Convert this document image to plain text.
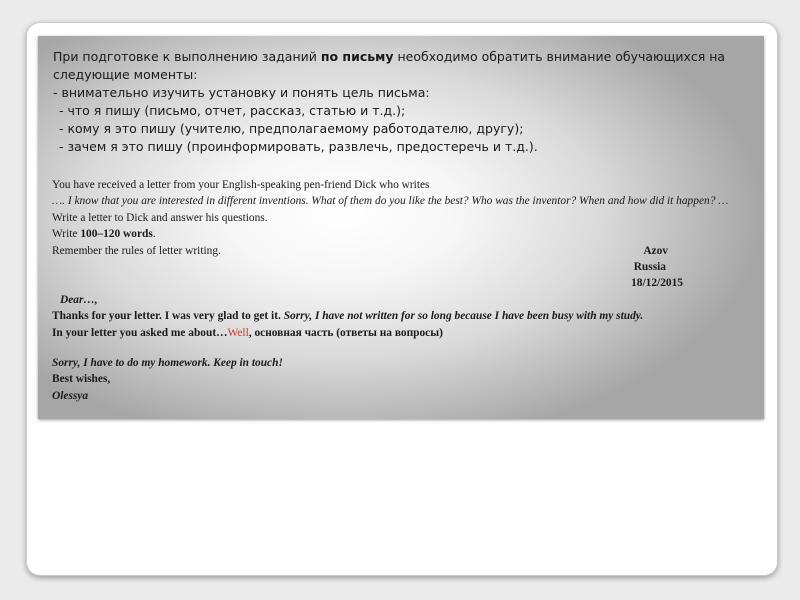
При подготовке к выполнению заданий по письму необходимо обратить внимание обучающихся на следующие моменты:

- внимательно изучить установку и понять цель письма:

- что я пишу (письмо, отчет, рассказ, статью и т.д.);

- кому я это пишу (учителю, предполагаемому работодателю, другу);

- зачем я это пишу (проинформировать, развлечь, предостеречь и т.д.).

You have received a letter from your English-speaking pen-friend Dick who writes

…. I know that you are interested in different inventions. What of them do you like the best? Who was the inventor? When and how did it happen? …

Write a letter to Dick and answer his questions.

Write 100–120 words.

Remember the rules of letter writing.	Azov

Russia

18/12/2015

Dear…,

Thanks for your letter. I was very glad to get it. Sorry, I have not written for so long because I have been busy with my study.

In your letter you asked me about…Well, основная часть (ответы на вопросы)

Sorry, I have to do my homework. Keep in touch!

Best wishes,

Olessya
